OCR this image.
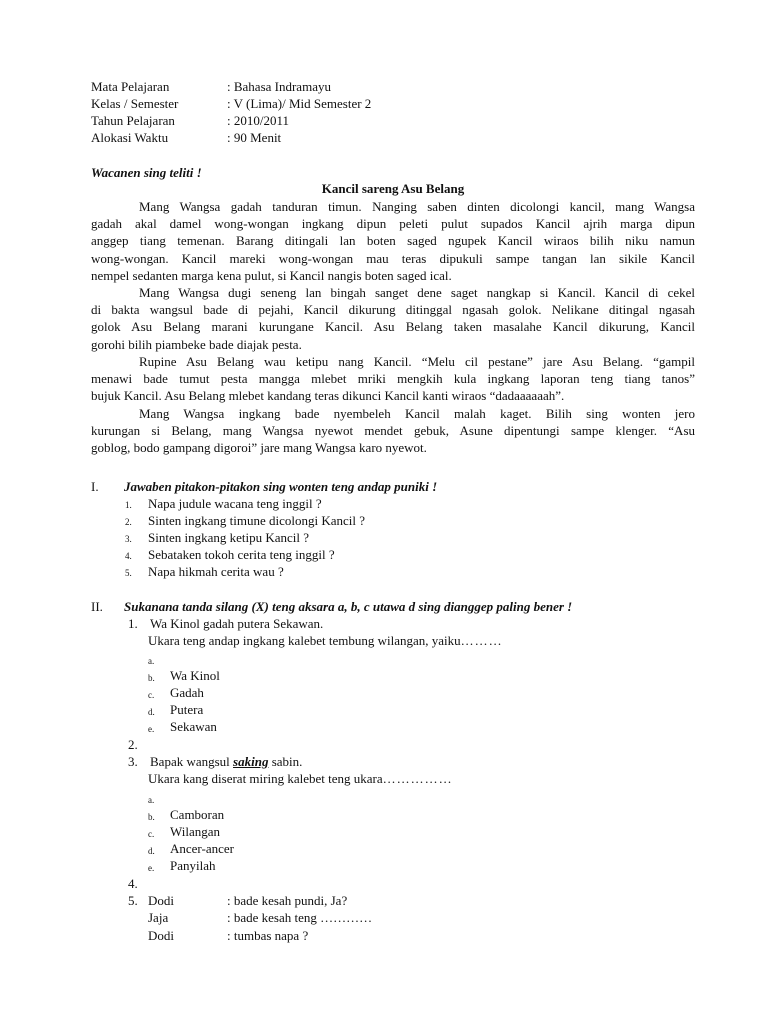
Mata Pelajaran	: Bahasa Indramayu
Kelas / Semester	: V (Lima)/ Mid Semester 2
Tahun Pelajaran	: 2010/2011
Alokasi Waktu	: 90 Menit
Wacanen sing teliti !
Kancil sareng Asu Belang
Mang Wangsa gadah tanduran timun. Nanging saben dinten dicolongi kancil, mang Wangsa
gadah akal damel wong-wongan ingkang dipun peleti pulut supados Kancil ajrih marga dipun
anggep tiang temenan. Barang ditingali lan boten saged ngupek Kancil wiraos bilih niku namun
wong-wongan. Kancil mareki wong-wongan mau teras dipukuli sampe tangan lan sikile Kancil
nempel sedanten marga kena pulut, si Kancil nangis boten saged ical.
Mang Wangsa dugi seneng lan bingah sanget dene saget nangkap si Kancil. Kancil di cekel
di bakta wangsul bade di pejahi, Kancil dikurung ditinggal ngasah golok. Nelikane ditingal ngasah
golok Asu Belang marani kurungane Kancil. Asu Belang taken masalahe Kancil dikurung, Kancil
gorohi bilih piambeke bade diajak pesta.
Rupine Asu Belang wau ketipu nang Kancil. “Melu cil pestane” jare Asu Belang. “gampil
menawi bade tumut pesta mangga mlebet mriki mengkih kula ingkang laporan teng tiang tanos”
bujuk Kancil. Asu Belang mlebet kandang teras dikunci Kancil kanti wiraos “dadaaaaaah”.
Mang Wangsa ingkang bade nyembeleh Kancil malah kaget. Bilih sing wonten jero
kurungan si Belang, mang Wangsa nyewot mendet gebuk, Asune dipentungi sampe klenger. “Asu
goblog, bodo gampang digoroi” jare mang Wangsa karo nyewot.
I. Jawaben pitakon-pitakon sing wonten teng andap puniki !
1. Napa judule wacana teng inggil ?
2. Sinten ingkang timune dicolongi Kancil ?
3. Sinten ingkang ketipu Kancil ?
4. Sebataken tokoh cerita teng inggil ?
5. Napa hikmah cerita wau ?
II. Sukanana tanda silang (X) teng aksara a, b, c utawa d sing dianggep paling bener !
1. Wa Kinol gadah putera Sekawan.
Ukara teng andap ingkang kalebet tembung wilangan, yaiku………
a.
b. Wa Kinol
c. Gadah
d. Putera
e. Sekawan
2.
3. Bapak wangsul saking sabin.
Ukara kang diserat miring kalebet teng ukara……………
a.
b. Camboran
c. Wilangan
d. Ancer-ancer
e. Panyilah
4.
5. Dodi	: bade kesah pundi, Ja?
Jaja	: bade kesah teng …………
Dodi	: tumbas napa ?
